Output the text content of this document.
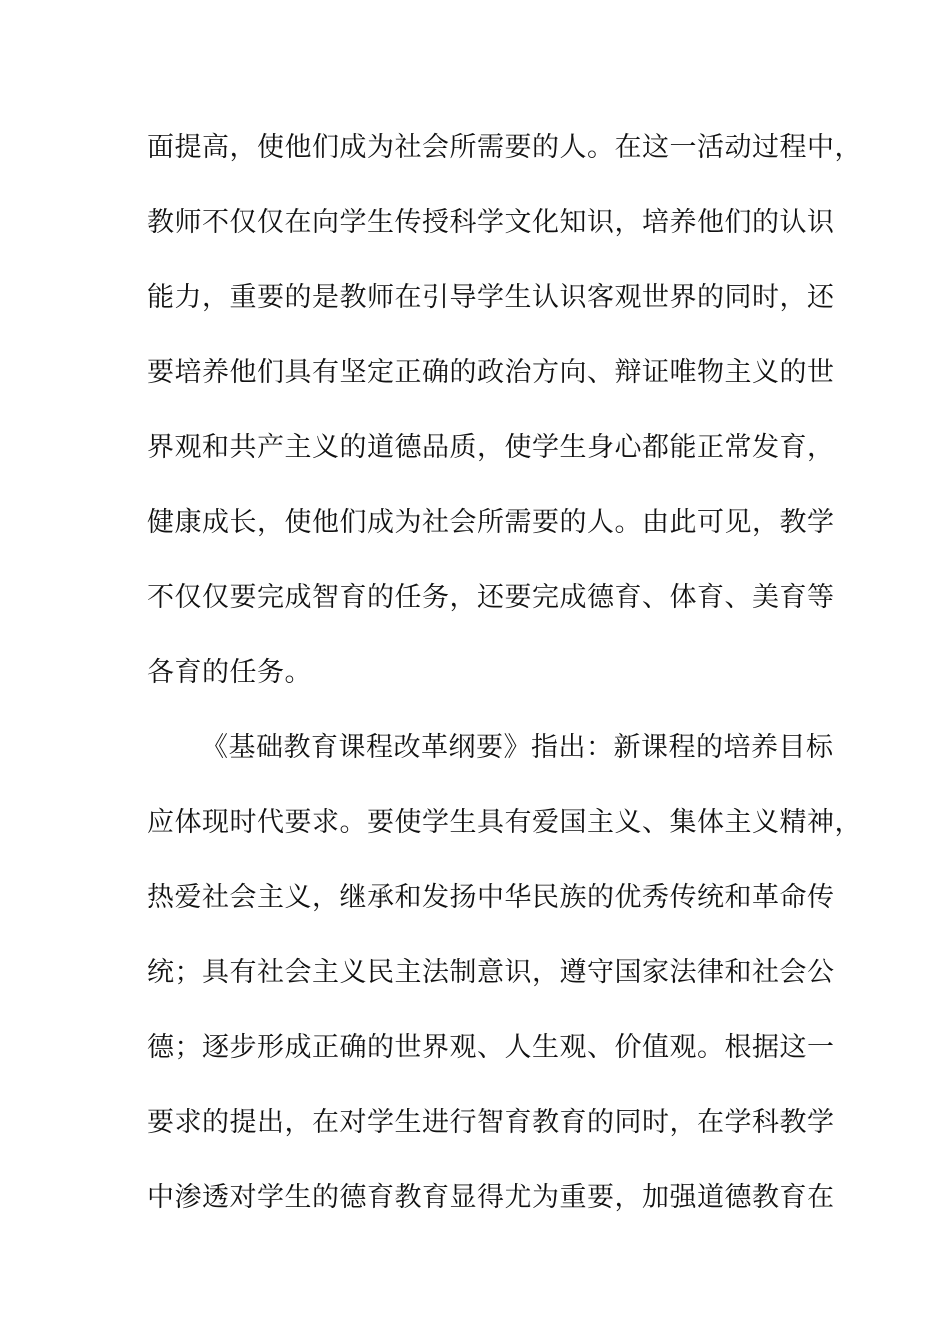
面提高，使他们成为社会所需要的人。在这一活动过程中，
教师不仅仅在向学生传授科学文化知识，培养他们的认识
能力，重要的是教师在引导学生认识客观世界的同时，还
要培养他们具有坚定正确的政治方向、辩证唯物主义的世
界观和共产主义的道德品质，使学生身心都能正常发育，
健康成长，使他们成为社会所需要的人。由此可见，教学
不仅仅要完成智育的任务，还要完成德育、体育、美育等
各育的任务。
《基础教育课程改革纲要》指出：新课程的培养目标
应体现时代要求。要使学生具有爱国主义、集体主义精神，
热爱社会主义，继承和发扬中华民族的优秀传统和革命传
统；具有社会主义民主法制意识，遵守国家法律和社会公
德；逐步形成正确的世界观、人生观、价值观。根据这一
要求的提出，在对学生进行智育教育的同时，在学科教学
中渗透对学生的德育教育显得尤为重要，加强道德教育在
